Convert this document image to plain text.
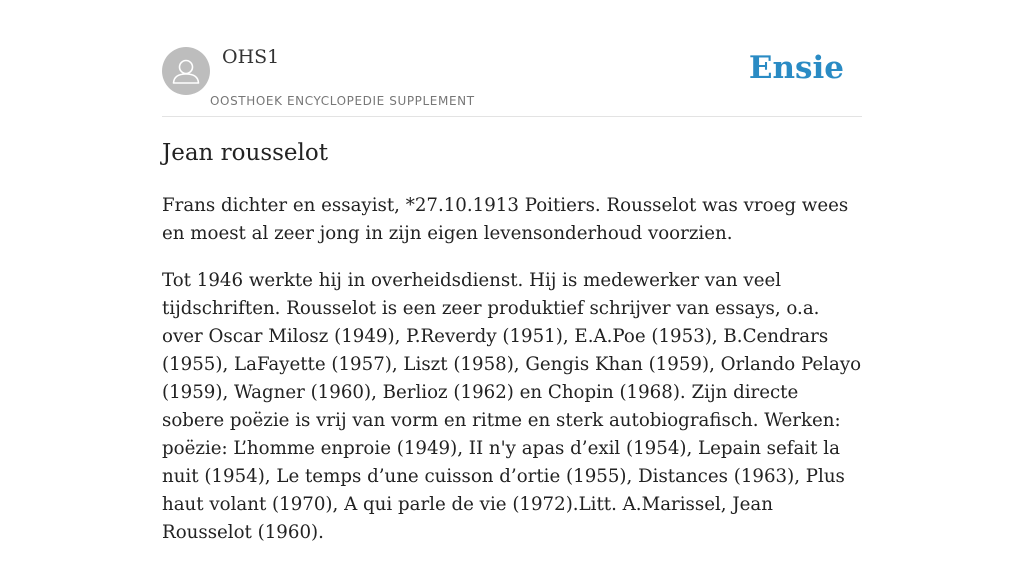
OHS1
OOSTHOEK ENCYCLOPEDIE SUPPLEMENT
Ensie
Jean rousselot

Frans dichter en essayist, *27.10.1913 Poitiers. Rousselot was vroeg wees en moest al zeer jong in zijn eigen levensonderhoud voorzien.

Tot 1946 werkte hij in overheidsdienst. Hij is medewerker van veel tijdschriften. Rousselot is een zeer produktief schrijver van essays, o.a. over Oscar Milosz (1949), P.Reverdy (1951), E.A.Poe (1953), B.Cendrars (1955), LaFayette (1957), Liszt (1958), Gengis Khan (1959), Orlando Pelayo (1959), Wagner (1960), Berlioz (1962) en Chopin (1968). Zijn directe sobere poëzie is vrij van vorm en ritme en sterk autobiografisch. Werken: poëzie: L’homme enproie (1949), II n'y apas d’exil (1954), Lepain sefait la nuit (1954), Le temps d’une cuisson d’ortie (1955), Distances (1963), Plus haut volant (1970), A qui parle de vie (1972).Litt. A.Marissel, Jean Rousselot (1960).
